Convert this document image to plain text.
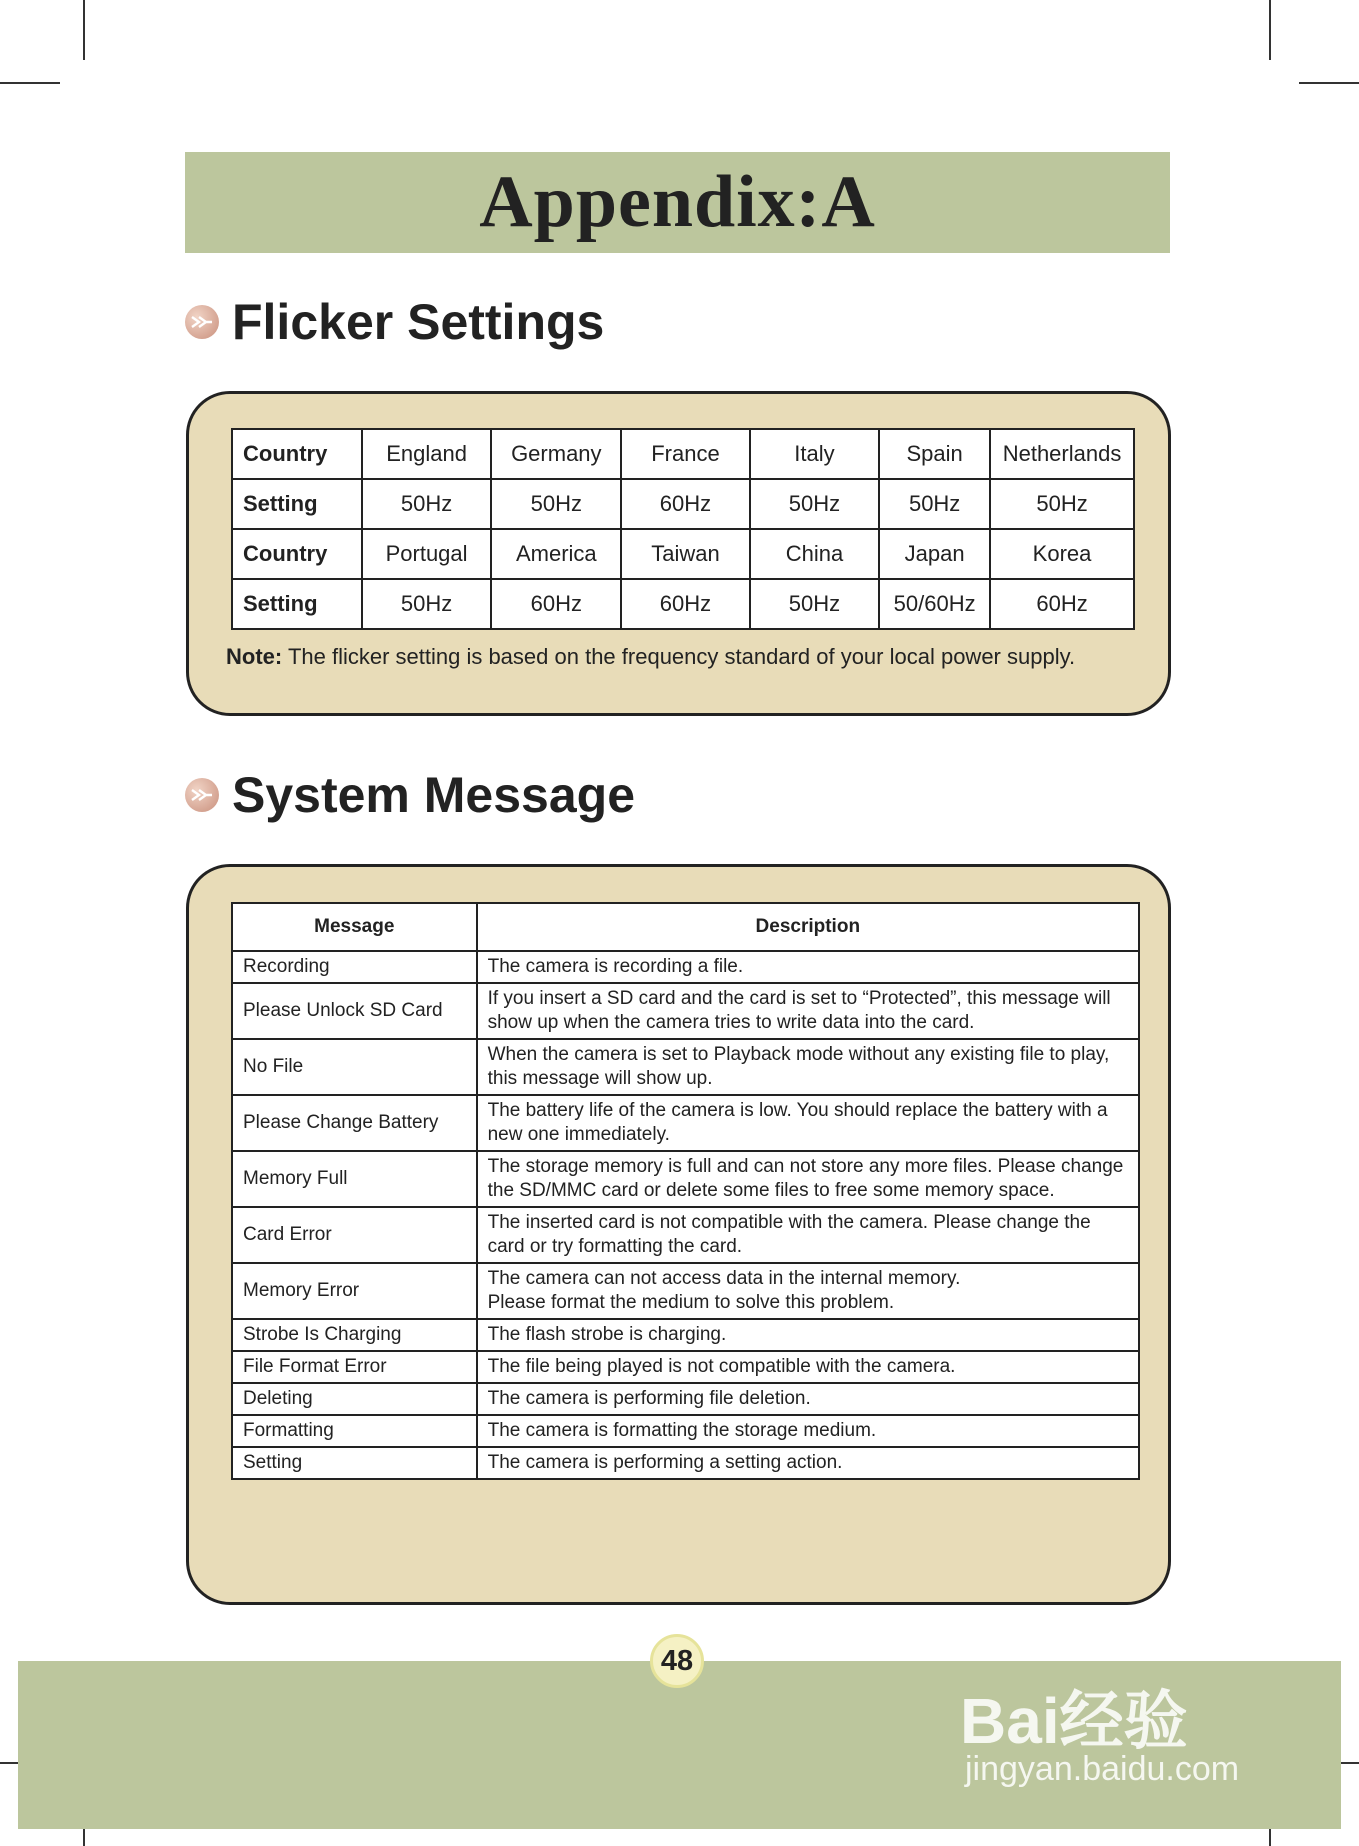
Appendix:A
Flicker Settings
Country	England	Germany	France	Italy	Spain	Netherlands
Setting	50Hz	50Hz	60Hz	50Hz	50Hz	50Hz
Country	Portugal	America	Taiwan	China	Japan	Korea
Setting	50Hz	60Hz	60Hz	50Hz	50/60Hz	60Hz
Note: The flicker setting is based on the frequency standard of your local power supply.
System Message
Message	Description
Recording	The camera is recording a file.
Please Unlock SD Card	If you insert a SD card and the card is set to “Protected”, this message will show up when the camera tries to write data into the card.
No File	When the camera is set to Playback mode without any existing file to play, this message will show up.
Please Change Battery	The battery life of the camera is low. You should replace the battery with a new one immediately.
Memory Full	The storage memory is full and can not store any more files. Please change the SD/MMC card or delete some files to free some memory space.
Card Error	The inserted card is not compatible with the camera. Please change the card or try formatting the card.
Memory Error	The camera can not access data in the internal memory.
Please format the medium to solve this problem.
Strobe Is Charging	The flash strobe is charging.
File Format Error	The file being played is not compatible with the camera.
Deleting	The camera is performing file deletion.
Formatting	The camera is formatting the storage medium.
Setting	The camera is performing a setting action.
48
Bai经验
jingyan.baidu.com
